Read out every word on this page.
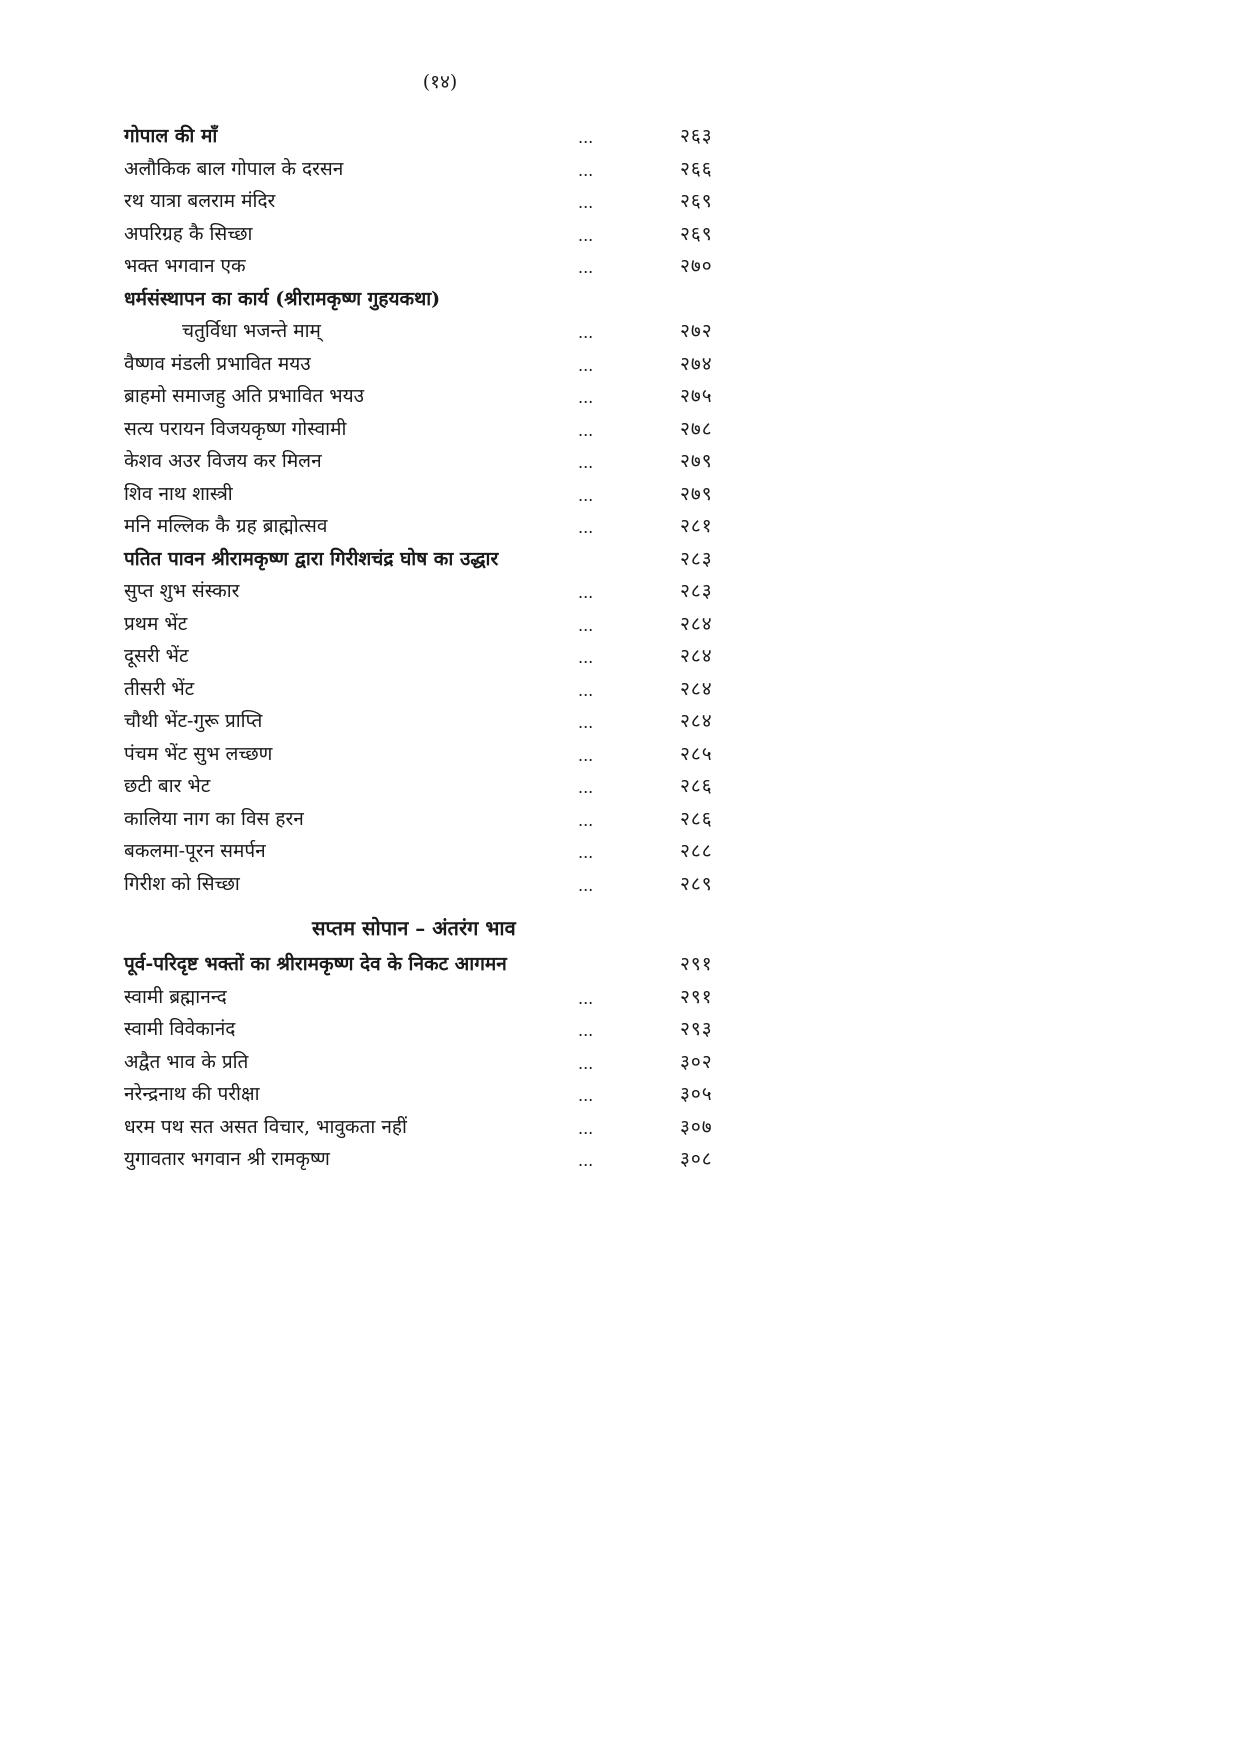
(१४)
गोपाल की माँ	...	२६३
अलौकिक बाल गोपाल के दरसन	...	२६६
रथ यात्रा बलराम मंदिर	...	२६९
अपरिग्रह कै सिच्छा	...	२६९
भक्त भगवान एक	...	२७०
धर्मसंस्थापन का कार्य (श्रीरामकृष्ण गुहयकथा)
चतुर्विधा भजन्ते माम्	...	२७२
वैष्णव मंडली प्रभावित मयउ	...	२७४
ब्राहमो समाजहु अति प्रभावित भयउ	...	२७५
सत्य परायन विजयकृष्ण गोस्वामी	...	२७८
केशव अउर विजय कर मिलन	...	२७९
शिव नाथ शास्त्री	...	२७९
मनि मल्लिक कै ग्रह ब्राह्मोत्सव	...	२८१
पतित पावन श्रीरामकृष्ण द्वारा गिरीशचंद्र घोष का उद्धार	२८३
सुप्त शुभ संस्कार	...	२८३
प्रथम भेंट	...	२८४
दूसरी भेंट	...	२८४
तीसरी भेंट	...	२८४
चौथी भेंट-गुरू प्राप्ति	...	२८४
पंचम भेंट सुभ लच्छण	...	२८५
छटी बार भेट	...	२८६
कालिया नाग का विस हरन	...	२८६
बकलमा-पूरन समर्पन	...	२८८
गिरीश को सिच्छा	...	२८९
सप्तम सोपान – अंतरंग भाव
पूर्व-परिदृष्ट भक्तों का श्रीरामकृष्ण देव के निकट आगमन	२९१
स्वामी ब्रह्मानन्द	...	२९१
स्वामी विवेकानंद	...	२९३
अद्वैत भाव के प्रति	...	३०२
नरेन्द्रनाथ की परीक्षा	...	३०५
धरम पथ सत असत विचार, भावुकता नहीं	...	३०७
युगावतार भगवान श्री रामकृष्ण	...	३०८
